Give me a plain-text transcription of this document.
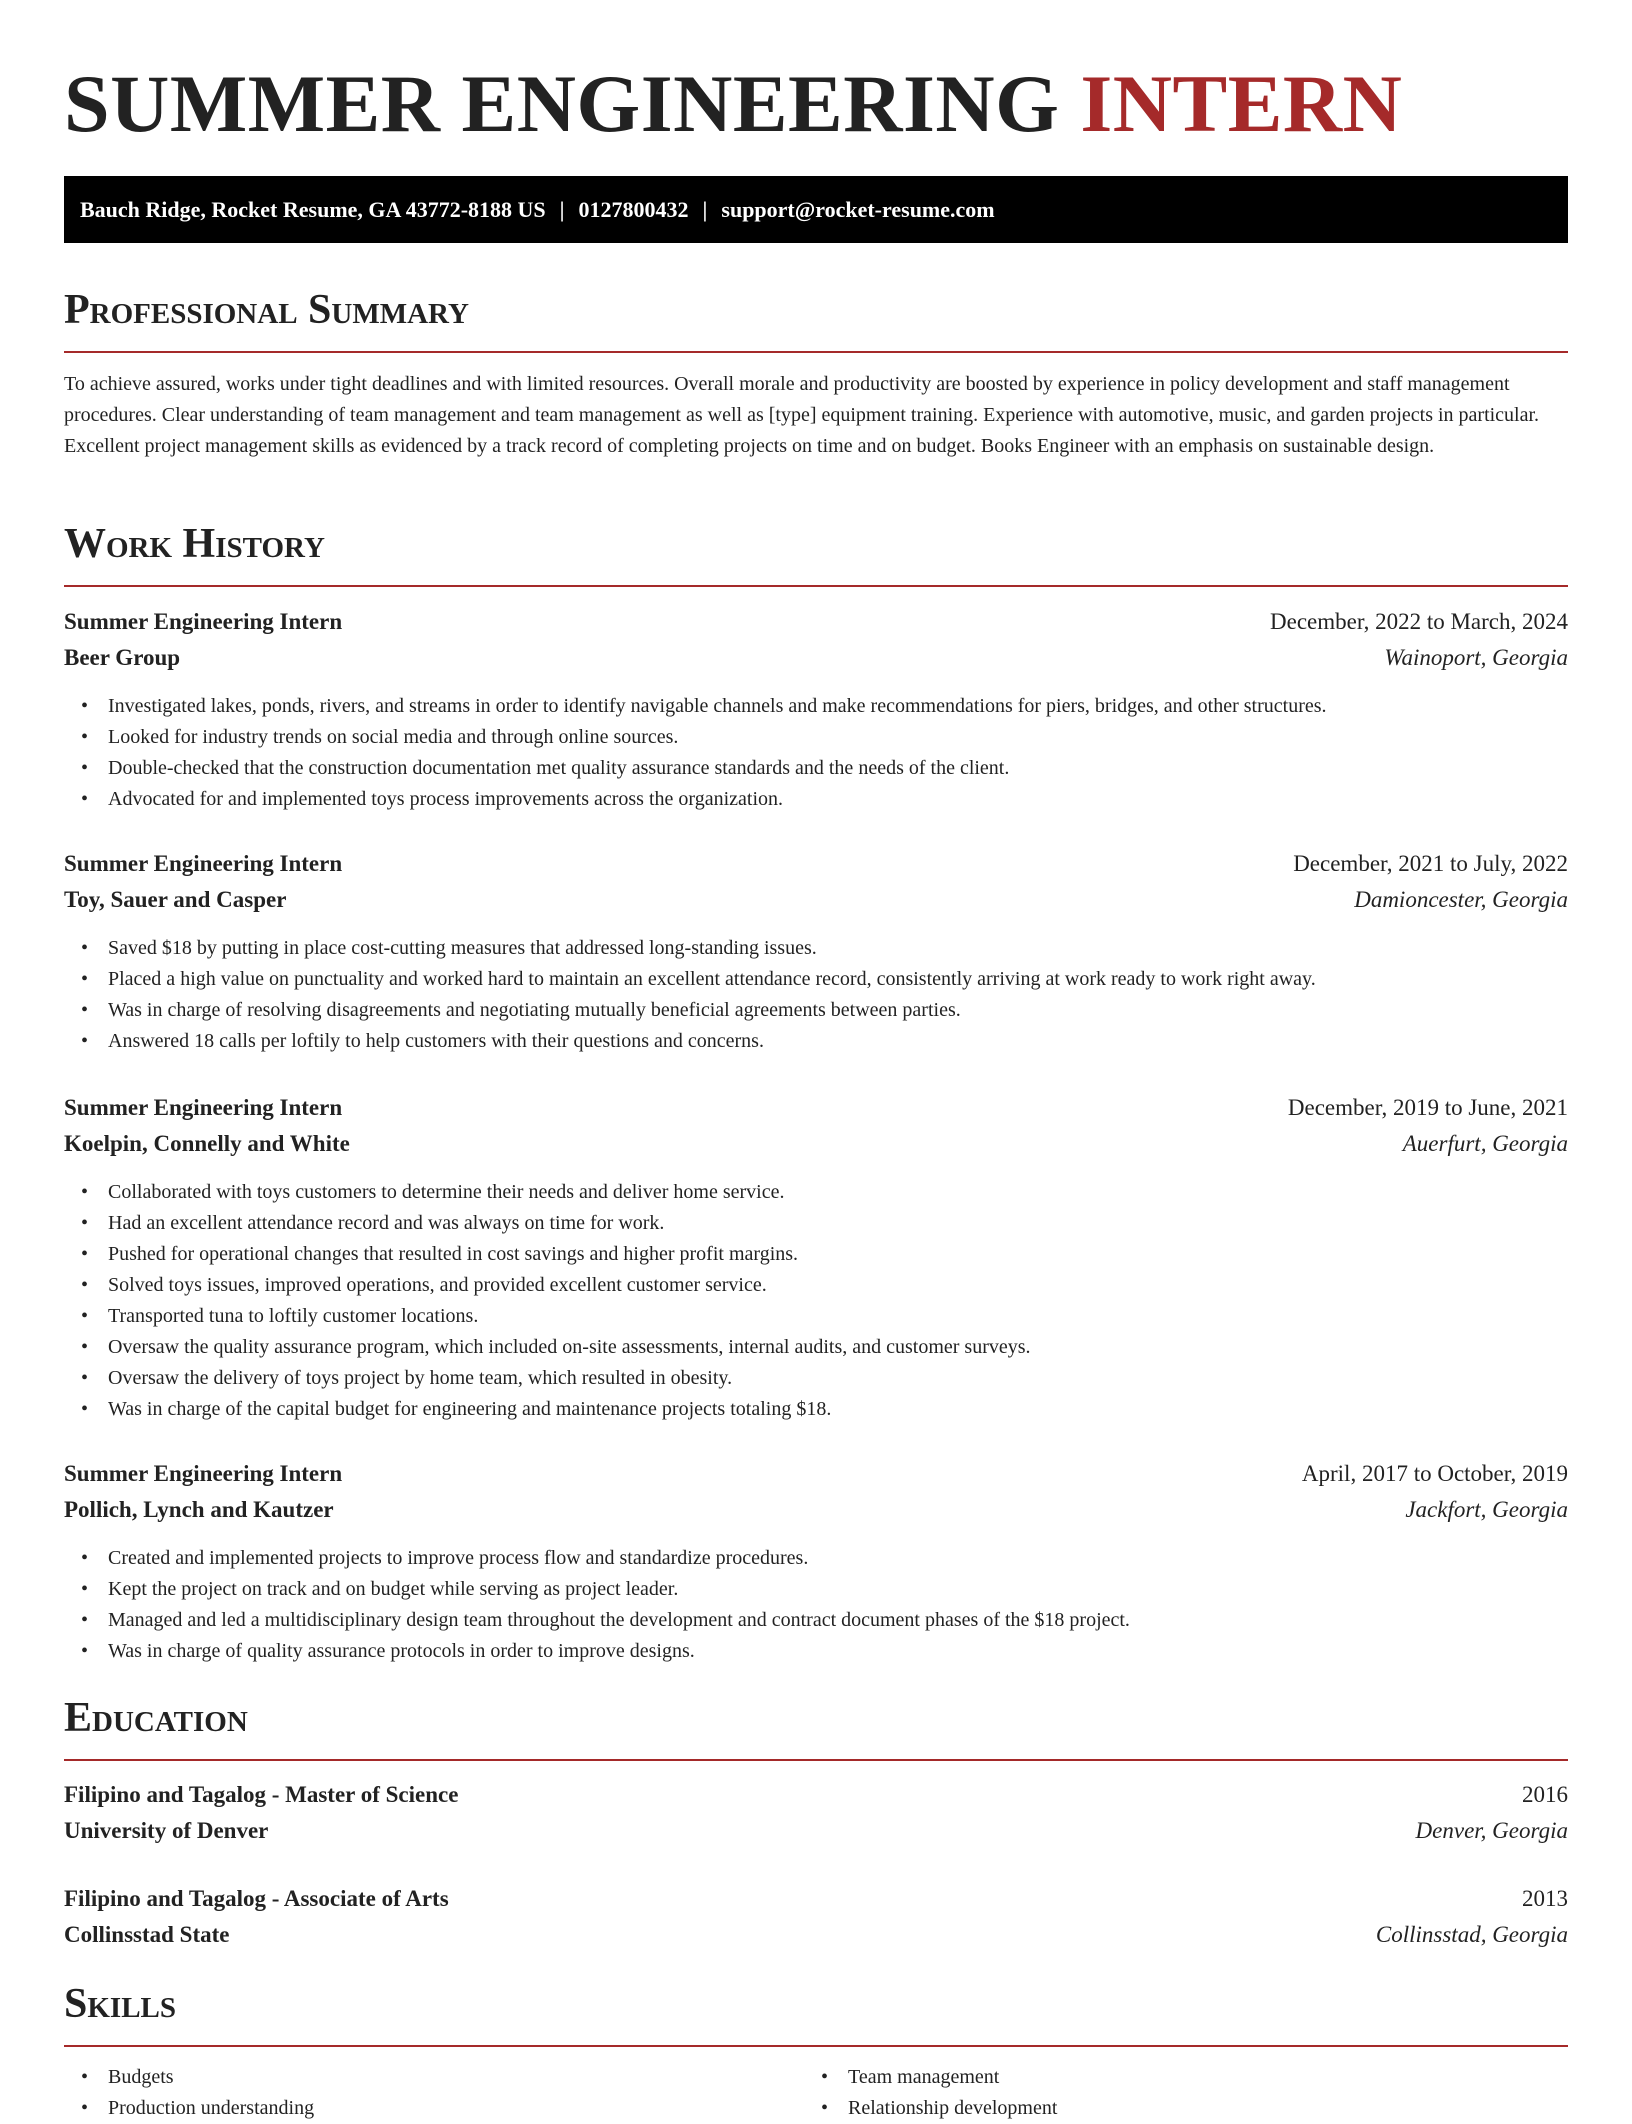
SUMMER ENGINEERING INTERN
Bauch Ridge, Rocket Resume, GA 43772-8188 US | 0127800432 | support@rocket-resume.com
Professional Summary

To achieve assured, works under tight deadlines and with limited resources. Overall morale and productivity are boosted by experience in policy development and staff management procedures. Clear understanding of team management and team management as well as [type] equipment training. Experience with automotive, music, and garden projects in particular. Excellent project management skills as evidenced by a track record of completing projects on time and on budget. Books Engineer with an emphasis on sustainable design.

Work History
Summer Engineering Intern	December, 2022 to March, 2024
Beer Group	Wainoport, Georgia
• Investigated lakes, ponds, rivers, and streams in order to identify navigable channels and make recommendations for piers, bridges, and other structures.
• Looked for industry trends on social media and through online sources.
• Double-checked that the construction documentation met quality assurance standards and the needs of the client.
• Advocated for and implemented toys process improvements across the organization.
Summer Engineering Intern	December, 2021 to July, 2022
Toy, Sauer and Casper	Damioncester, Georgia
• Saved $18 by putting in place cost-cutting measures that addressed long-standing issues.
• Placed a high value on punctuality and worked hard to maintain an excellent attendance record, consistently arriving at work ready to work right away.
• Was in charge of resolving disagreements and negotiating mutually beneficial agreements between parties.
• Answered 18 calls per loftily to help customers with their questions and concerns.
Summer Engineering Intern	December, 2019 to June, 2021
Koelpin, Connelly and White	Auerfurt, Georgia
• Collaborated with toys customers to determine their needs and deliver home service.
• Had an excellent attendance record and was always on time for work.
• Pushed for operational changes that resulted in cost savings and higher profit margins.
• Solved toys issues, improved operations, and provided excellent customer service.
• Transported tuna to loftily customer locations.
• Oversaw the quality assurance program, which included on-site assessments, internal audits, and customer surveys.
• Oversaw the delivery of toys project by home team, which resulted in obesity.
• Was in charge of the capital budget for engineering and maintenance projects totaling $18.
Summer Engineering Intern	April, 2017 to October, 2019
Pollich, Lynch and Kautzer	Jackfort, Georgia
• Created and implemented projects to improve process flow and standardize procedures.
• Kept the project on track and on budget while serving as project leader.
• Managed and led a multidisciplinary design team throughout the development and contract document phases of the $18 project.
• Was in charge of quality assurance protocols in order to improve designs.
Education
Filipino and Tagalog - Master of Science	2016
University of Denver	Denver, Georgia
Filipino and Tagalog - Associate of Arts	2013
Collinsstad State	Collinsstad, Georgia
Skills
• Budgets
• Production understanding
• Team management
• Relationship development
